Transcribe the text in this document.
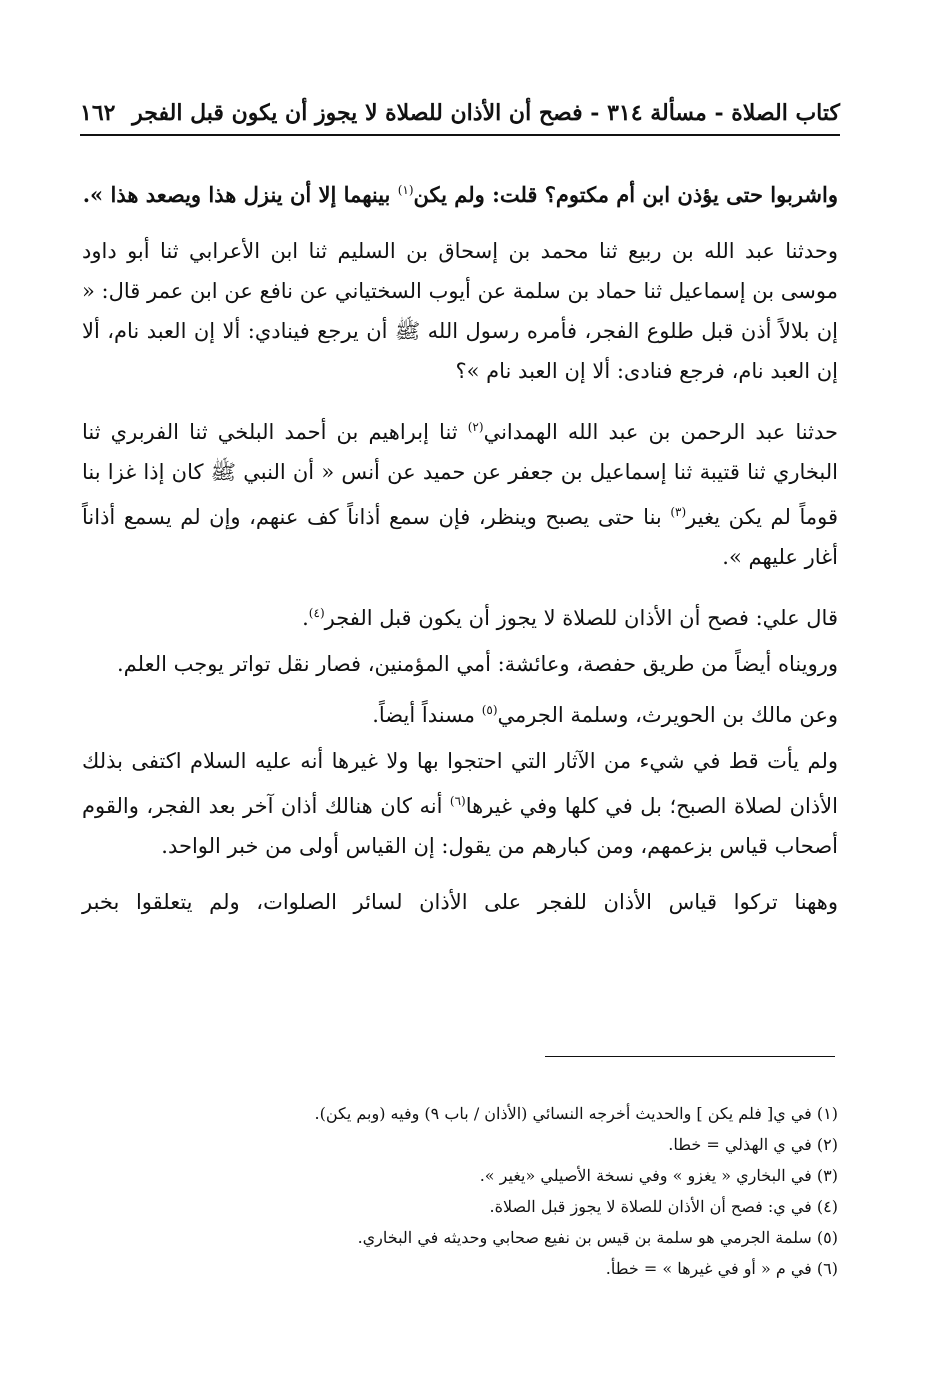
كتاب الصلاة - مسألة ٣١٤ - فصح أن الأذان للصلاة لا يجوز أن يكون قبل الفجر
١٦٢

واشربوا حتى يؤذن ابن أم مكتوم؟ قلت: ولم يكن$^{(١)}$ بينهما إلا أن ينزل هذا ويصعد هذا ».

وحدثنا عبد الله بن ربيع ثنا محمد بن إسحاق بن السليم ثنا ابن الأعرابي ثنا أبو داود موسى بن إسماعيل ثنا حماد بن سلمة عن أيوب السختياني عن نافع عن ابن عمر قال: « إن بلالاً أذن قبل طلوع الفجر، فأمره رسول الله ﷺ أن يرجع فينادي: ألا إن العبد نام، ألا إن العبد نام، فرجع فنادى: ألا إن العبد نام »؟

حدثنا عبد الرحمن بن عبد الله الهمداني$^{(٢)}$ ثنا إبراهيم بن أحمد البلخي ثنا الفربري ثنا البخاري ثنا قتيبة ثنا إسماعيل بن جعفر عن حميد عن أنس « أن النبي ﷺ كان إذا غزا بنا قوماً لم يكن يغير$^{(٣)}$ بنا حتى يصبح وينظر، فإن سمع أذاناً كف عنهم، وإن لم يسمع أذاناً أغار عليهم ».

قال علي: فصح أن الأذان للصلاة لا يجوز أن يكون قبل الفجر$^{(٤)}$.

ورويناه أيضاً من طريق حفصة، وعائشة: أمي المؤمنين، فصار نقل تواتر يوجب العلم.

وعن مالك بن الحويرث، وسلمة الجرمي$^{(٥)}$ مسنداً أيضاً.

ولم يأت قط في شيء من الآثار التي احتجوا بها ولا غيرها أنه عليه السلام اكتفى بذلك الأذان لصلاة الصبح؛ بل في كلها وفي غيرها$^{(٦)}$ أنه كان هنالك أذان آخر بعد الفجر، والقوم أصحاب قياس بزعمهم، ومن كبارهم من يقول: إن القياس أولى من خبر الواحد.

وههنا تركوا قياس الأذان للفجر على الأذان لسائر الصلوات، ولم يتعلقوا بخبر

(١) في ي[ فلم يكن ] والحديث أخرجه النسائي (الأذان / باب ٩) وفيه (وبم يكن).
(٢) في ي الهذلي = خطا.
(٣) في البخاري « يغزو » وفي نسخة الأصيلي «يغير ».
(٤) في ي: فصح أن الأذان للصلاة لا يجوز قبل الصلاة.
(٥) سلمة الجرمي هو سلمة بن قيس بن نفيع صحابي وحديثه في البخاري.
(٦) في م « أو في غيرها » = خطأ.
